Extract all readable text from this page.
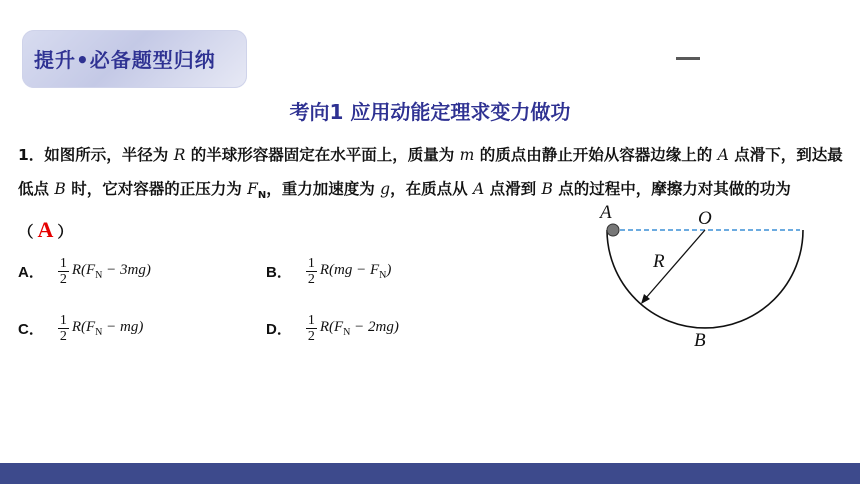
提升•必备题型归纳
考向1 应用动能定理求变力做功

1．如图所示，半径为 R 的半球形容器固定在水平面上，质量为 m 的质点由静止开始从容器边缘上的 A 点滑下，到达最低点 B 时，它对容器的正压力为 $F_N$，重力加速度为 g，在质点从 A 点滑到 B 点的过程中，摩擦力对其做的功为（ A ）

A． $\frac{1}{2} R(F_N - 3mg)$	B． $\frac{1}{2} R(mg - F_N)$
C． $\frac{1}{2} R(F_N - mg)$	D． $\frac{1}{2} R(F_N - 2mg)$
A	O
R
B
